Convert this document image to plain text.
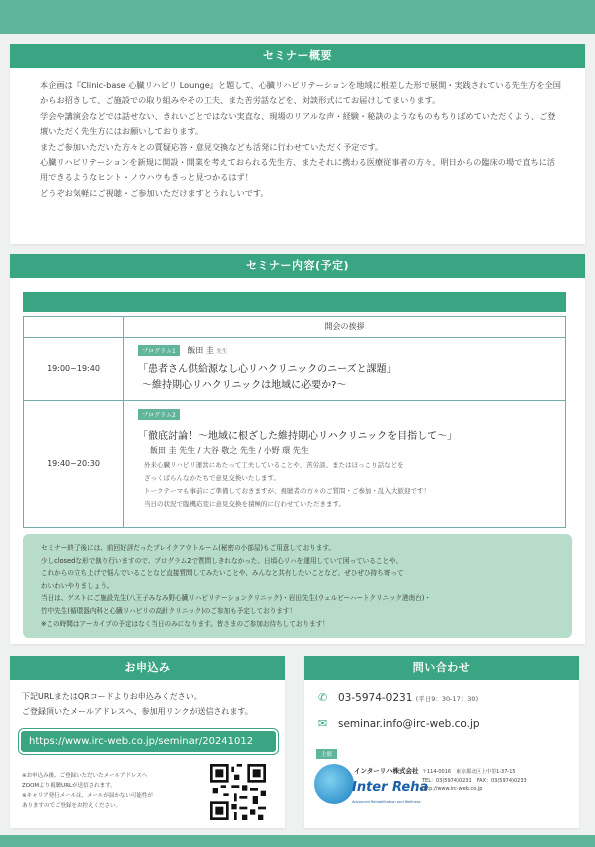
セミナー概要

本企画は『Clinic-base 心臓リハビリ Lounge』と題して、心臓リハビリテーションを地域に根差した形で展開・実践されている先生方を全国からお招きして、ご施設での取り組みやその工夫、また苦労話などを、対談形式にてお届けしてまいります。

学会や講演会などでは話せない、きれいごとではない実直な、現場のリアルな声・経験・秘訣のようなものもちりばめていただくよう、ご登壇いただく先生方にはお願いしております。

またご参加いただいた方々との質疑応答・意見交換なども活発に行わせていただく予定です。

心臓リハビリテーションを新規に開設・開業を考えておられる先生方、またそれに携わる医療従事者の方々、明日からの臨床の場で直ちに活用できるようなヒント・ノウハウもきっと見つかるはず！

どうぞお気軽にご視聴・ご参加いただけますとうれしいです。

セミナー内容(予定)
開会の挨拶
19:00~19:40
プログラム1 飯田 圭 先生
「患者さん供給源なし心リハクリニックのニーズと課題」
～維持期心リハクリニックは地域に必要か?～
19:40~20:30
プログラム2
「徹底討論！～地域に根ざした維持期心リハクリニックを目指して～」
飯田 圭 先生 / 大谷 敬之 先生 / 小野 環 先生
外来心臓リハビリ運営にあたって工夫していることや、苦労談、またはほっこり話などを
ざっくばらんなかたちで意見交換いたします。
トークテーマも事前にご準備しておきますが、視聴者の方々のご質問・ご参加・乱入大歓迎です！
当日の状況で臨機応変に意見交換を積極的に行わせていただきます。

セミナー終了後には、前回好評だったブレイクアウトルーム(秘密の小部屋)もご用意しております。

少しclosedな形で執り行いますので、プログラム2で質問しきれなかった、日頃心リハを運用していて困っていることや、

これからの立ち上げで悩んでいることなど直接質問してみたいことや、みんなと共有したいことなど、ぜひぜひ持ち寄って

わいわいやりましょう。

当日は、ゲストにご施設先生(八王子みなみ野心臓リハビリテーションクリニック)・岩田先生(ウェルビーハートクリニック港南台)・

竹中先生(循環器内科と心臓リハビリの高針クリニック)のご参加も予定しております！

※この時間はアーカイブの予定はなく当日のみになります。皆さまのご参加お待ちしております！

お申込み
下記URLまたはQRコードよりお申込みください。
ご登録頂いたメールアドレスへ、参加用リンクが送信されます。
https://www.irc-web.co.jp/seminar/20241012
※お申込み後、ご登録いただいたメールアドレスへ
ZOOMより視聴URLが送信されます。
※キャリア発行メールは、メールが届かない可能性が
ありますのでご登録をお控えください。
問い合わせ
✆ 03-5974-0231 (平日9：30-17：30)
✉ seminar.info@irc-web.co.jp
主催
インターリハ株式会社
Inter Reha
Advanced Rehabilitation and Wellness
〒114-0016　東京都北区上中里1-37-15
TEL：03(5974)0231　FAX：03(5974)0233
http://www.irc-web.co.jp
